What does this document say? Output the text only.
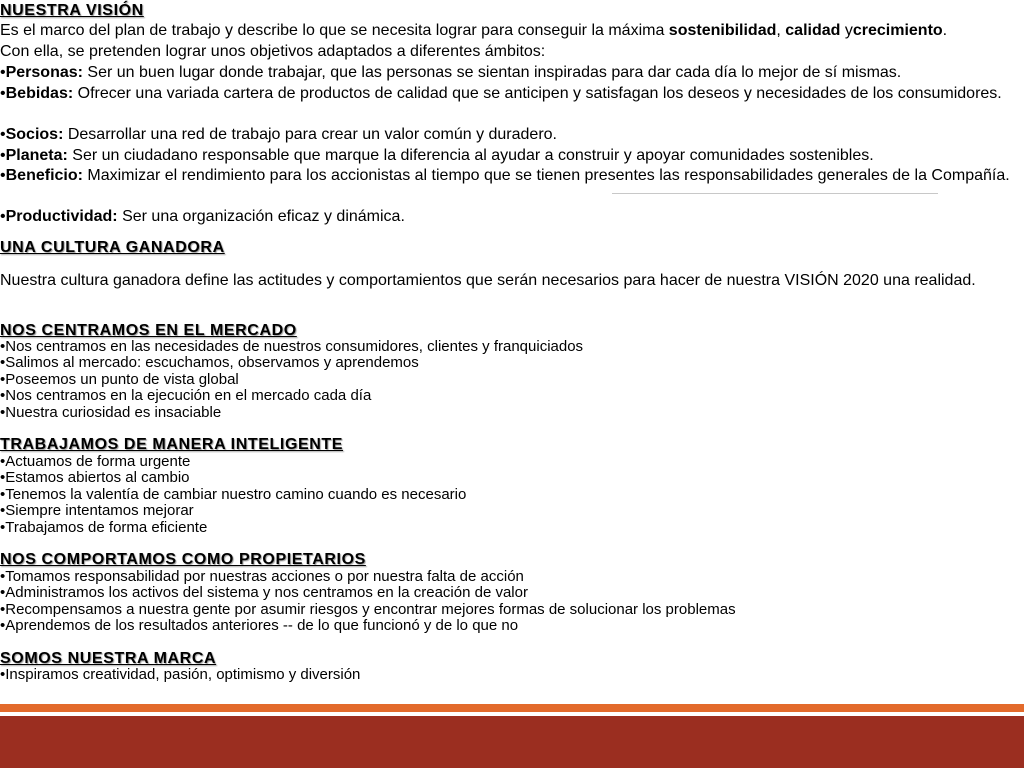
NUESTRA VISIÓN
Es el marco del plan de trabajo y describe lo que se necesita lograr para conseguir la máxima sostenibilidad, calidad ycrecimiento.
Con ella, se pretenden lograr unos objetivos adaptados a diferentes ámbitos:
•Personas: Ser un buen lugar donde trabajar, que las personas se sientan inspiradas para dar cada día lo mejor de sí mismas.
•Bebidas: Ofrecer una variada cartera de productos de calidad que se anticipen y satisfagan los deseos y necesidades de los consumidores.
•Socios: Desarrollar una red de trabajo para crear un valor común y duradero.
•Planeta: Ser un ciudadano responsable que marque la diferencia al ayudar a construir y apoyar comunidades sostenibles.
•Beneficio: Maximizar el rendimiento para los accionistas al tiempo que se tienen presentes las responsabilidades generales de la Compañía.
•Productividad: Ser una organización eficaz y dinámica.
UNA CULTURA GANADORA
Nuestra cultura ganadora define las actitudes y comportamientos que serán necesarios para hacer de nuestra VISIÓN 2020 una realidad.
NOS CENTRAMOS EN EL MERCADO
•Nos centramos en las necesidades de nuestros consumidores, clientes y franquiciados
•Salimos al mercado: escuchamos, observamos y aprendemos
•Poseemos un punto de vista global
•Nos centramos en la ejecución en el mercado cada día
•Nuestra curiosidad es insaciable
TRABAJAMOS DE MANERA INTELIGENTE
•Actuamos de forma urgente
•Estamos abiertos al cambio
•Tenemos la valentía de cambiar nuestro camino cuando es necesario
•Siempre intentamos mejorar
•Trabajamos de forma eficiente
NOS COMPORTAMOS COMO PROPIETARIOS
•Tomamos responsabilidad por nuestras acciones o por nuestra falta de acción
•Administramos los activos del sistema y nos centramos en la creación de valor
•Recompensamos a nuestra gente por asumir riesgos y encontrar mejores formas de solucionar los problemas
•Aprendemos de los resultados anteriores -- de lo que funcionó y de lo que no
SOMOS NUESTRA MARCA
•Inspiramos creatividad, pasión, optimismo y diversión
